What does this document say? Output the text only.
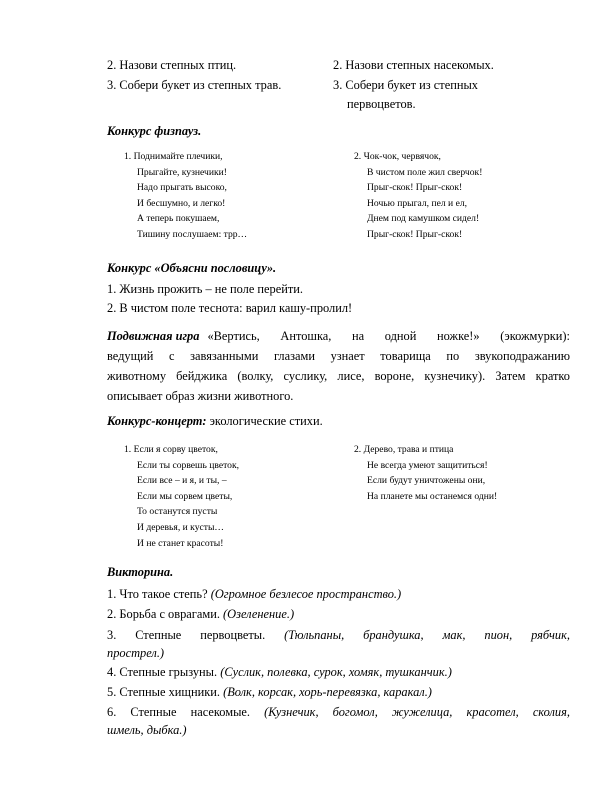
2. Назови степных птиц.
3. Собери букет из степных трав.
2. Назови степных насекомых.
3. Собери букет из степных
первоцветов.
Конкурс физпауз.
1. Поднимайте плечики,
Прыгайте, кузнечики!
Надо прыгать высоко,
И бесшумно, и легко!
А теперь покушаем,
Тишину послушаем: трр…
2. Чок-чок, червячок,
В чистом поле жил сверчок!
Прыг-скок! Прыг-скок!
Ночью прыгал, пел и ел,
Днем под камушком сидел!
Прыг-скок! Прыг-скок!
Конкурс «Объясни пословицу».
1. Жизнь прожить – не поле перейти.
2. В чистом поле теснота: варил кашу-пролил!
Подвижная игра «Вертись, Антошка, на одной ножке!» (экожмурки):
ведущий с завязанными глазами узнает товарища по звукоподражанию
животному бейджика (волку, суслику, лисе, вороне, кузнечику). Затем кратко
описывает образ жизни животного.
Конкурс-концерт: экологические стихи.
1. Если я сорву цветок,
Если ты сорвешь цветок,
Если все – и я, и ты, –
Если мы сорвем цветы,
То останутся пусты
И деревья, и кусты…
И не станет красоты!
2. Дерево, трава и птица
Не всегда умеют защититься!
Если будут уничтожены они,
На планете мы останемся одни!
Викторина.
1. Что такое степь? (Огромное безлесое пространство.)
2. Борьба с оврагами. (Озеленение.)
3. Степные первоцветы. (Тюльпаны, брандушка, мак, пион, рябчик,
прострел.)
4. Степные грызуны. (Суслик, полевка, сурок, хомяк, тушканчик.)
5. Степные хищники. (Волк, корсак, хорь-перевязка, каракал.)
6. Степные насекомые. (Кузнечик, богомол, жужелица, красотел, сколия,
шмель, дыбка.)
